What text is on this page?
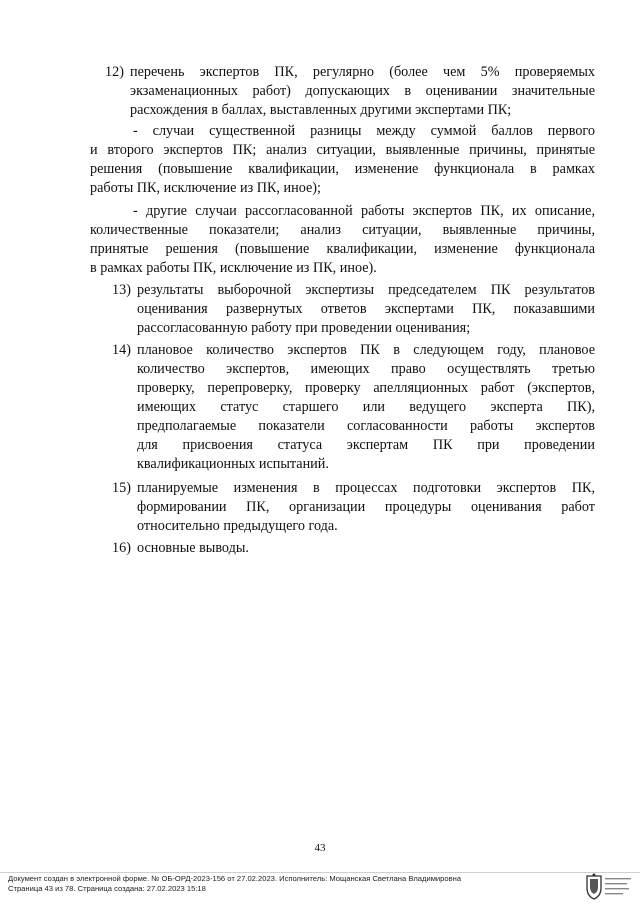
12) перечень экспертов ПК, регулярно (более чем 5% проверяемых
экзаменационных работ) допускающих в оценивании значительные
расхождения в баллах, выставленных другими экспертами ПК;
- случаи существенной разницы между суммой баллов первого
и второго экспертов ПК; анализ ситуации, выявленные причины, принятые
решения (повышение квалификации, изменение функционала в рамках
работы ПК, исключение из ПК, иное);
- другие случаи рассогласованной работы экспертов ПК, их описание,
количественные показатели; анализ ситуации, выявленные причины,
принятые решения (повышение квалификации, изменение функционала
в рамках работы ПК, исключение из ПК, иное).
13) результаты выборочной экспертизы председателем ПК результатов
оценивания развернутых ответов экспертами ПК, показавшими
рассогласованную работу при проведении оценивания;
14) плановое количество экспертов ПК в следующем году, плановое
количество экспертов, имеющих право осуществлять третью
проверку, перепроверку, проверку апелляционных работ (экспертов,
имеющих статус старшего или ведущего эксперта ПК),
предполагаемые показатели согласованности работы экспертов
для присвоения статуса экспертам ПК при проведении
квалификационных испытаний.
15) планируемые изменения в процессах подготовки экспертов ПК,
формировании ПК, организации процедуры оценивания работ
относительно предыдущего года.
16) основные выводы.
43
Документ создан в электронной форме. № ОБ-ОРД-2023-156 от 27.02.2023. Исполнитель: Мощанская Светлана Владимировна
Страница 43 из 78. Страница создана: 27.02.2023 15:18
